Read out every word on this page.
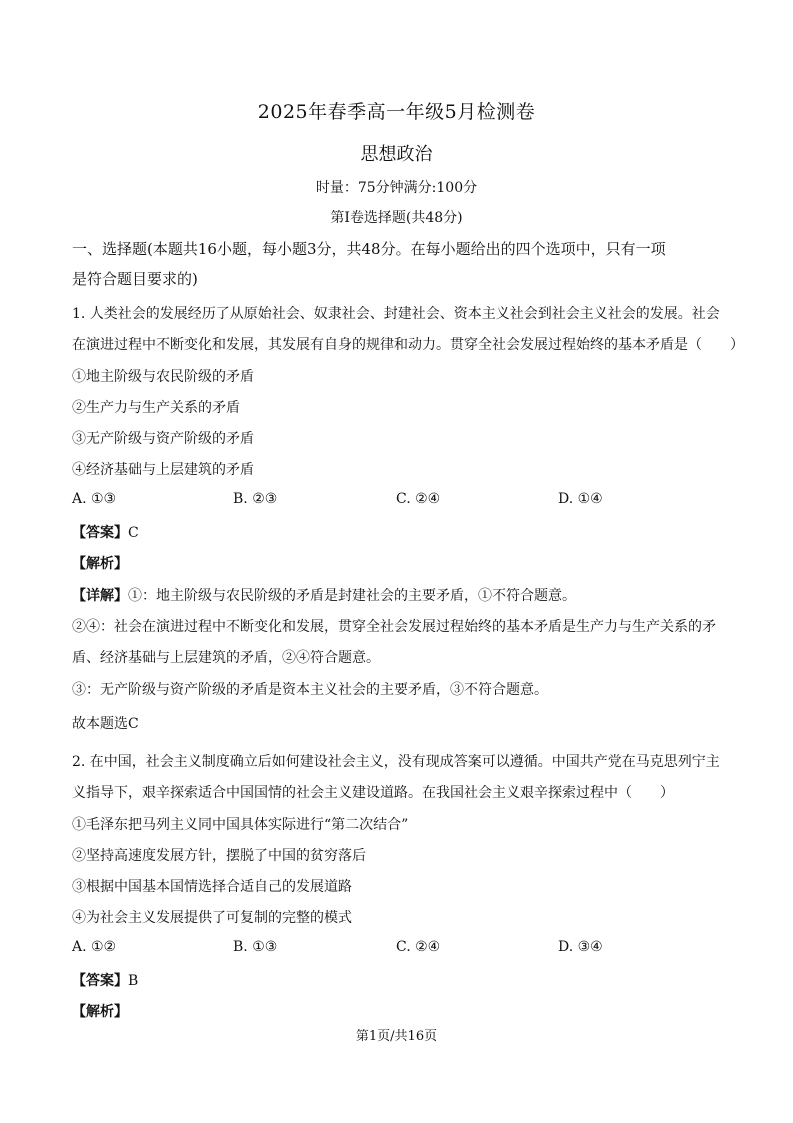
2025年春季高一年级5月检测卷
思想政治
时量：75分钟满分:100分
第I卷选择题(共48分)
一、选择题(本题共16小题，每小题3分，共48分。在每小题给出的四个选项中，只有一项
是符合题目要求的)
1. 人类社会的发展经历了从原始社会、奴隶社会、封建社会、资本主义社会到社会主义社会的发展。社会
在演进过程中不断变化和发展，其发展有自身的规律和动力。贯穿全社会发展过程始终的基本矛盾是（　　）
①地主阶级与农民阶级的矛盾
②生产力与生产关系的矛盾
③无产阶级与资产阶级的矛盾
④经济基础与上层建筑的矛盾
A. ①③	B. ②③	C. ②④	D. ①④
【答案】C
【解析】
【详解】①：地主阶级与农民阶级的矛盾是封建社会的主要矛盾，①不符合题意。
②④：社会在演进过程中不断变化和发展，贯穿全社会发展过程始终的基本矛盾是生产力与生产关系的矛
盾、经济基础与上层建筑的矛盾，②④符合题意。
③：无产阶级与资产阶级的矛盾是资本主义社会的主要矛盾，③不符合题意。
故本题选C
2. 在中国，社会主义制度确立后如何建设社会主义，没有现成答案可以遵循。中国共产党在马克思列宁主
义指导下，艰辛探索适合中国国情的社会主义建设道路。在我国社会主义艰辛探索过程中（　　）
①毛泽东把马列主义同中国具体实际进行“第二次结合”
②坚持高速度发展方针，摆脱了中国的贫穷落后
③根据中国基本国情选择合适自己的发展道路
④为社会主义发展提供了可复制的完整的模式
A. ①②	B. ①③	C. ②④	D. ③④
【答案】B
【解析】
第1页/共16页
